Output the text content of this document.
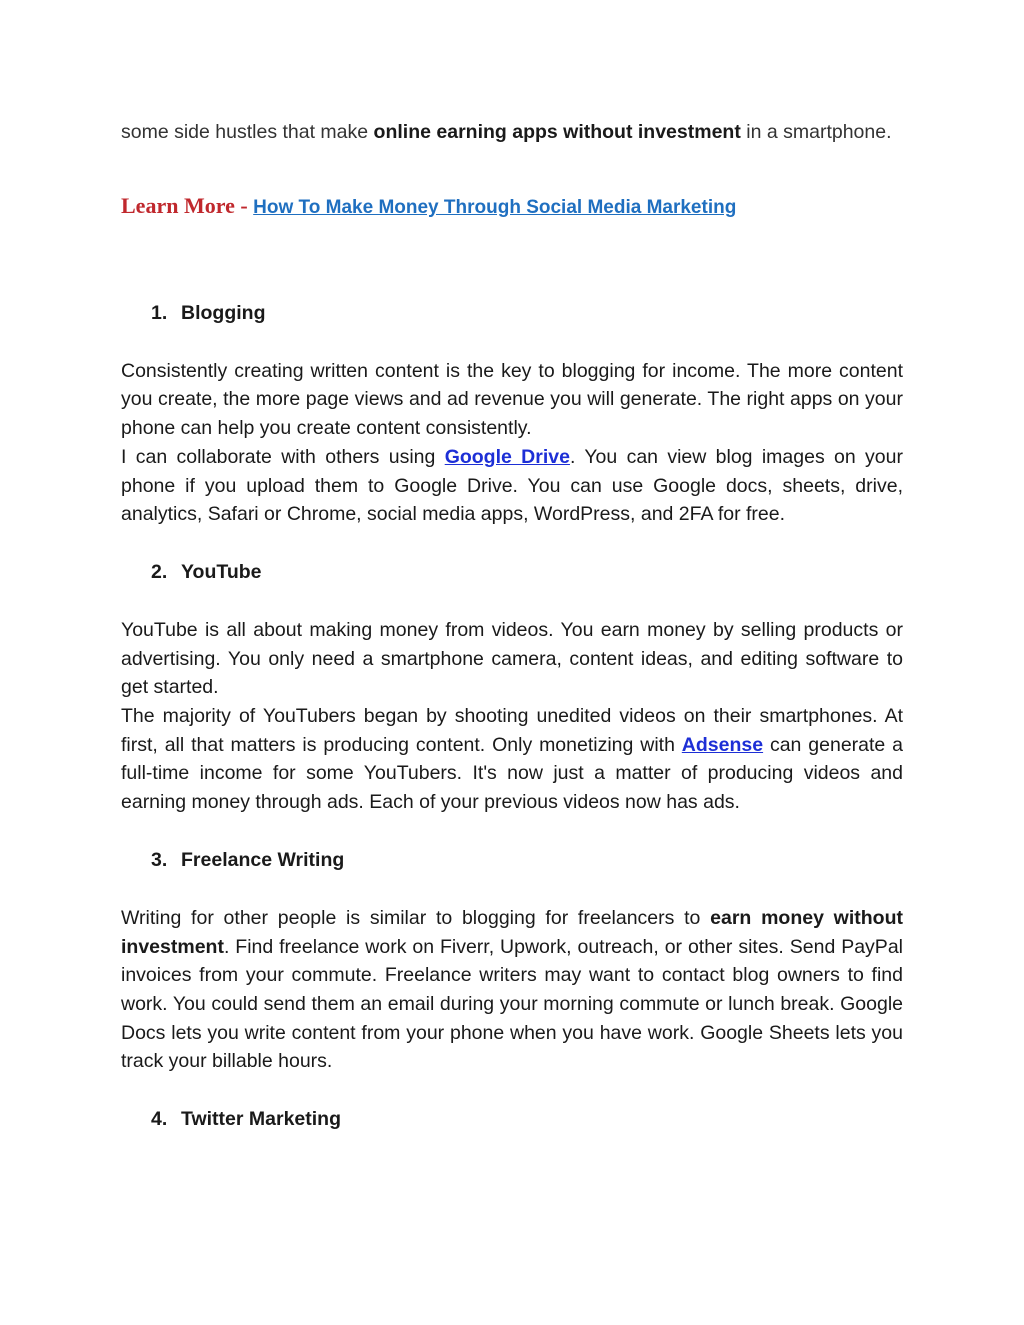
some side hustles that make online earning apps without investment in a smartphone.

Learn More - How To Make Money Through Social Media Marketing
1. Blogging

Consistently creating written content is the key to blogging for income. The more content you create, the more page views and ad revenue you will generate. The right apps on your phone can help you create content consistently.

I can collaborate with others using Google Drive. You can view blog images on your phone if you upload them to Google Drive. You can use Google docs, sheets, drive, analytics, Safari or Chrome, social media apps, WordPress, and 2FA for free.

2. YouTube

YouTube is all about making money from videos. You earn money by selling products or advertising. You only need a smartphone camera, content ideas, and editing software to get started.

The majority of YouTubers began by shooting unedited videos on their smartphones. At first, all that matters is producing content. Only monetizing with Adsense can generate a full-time income for some YouTubers. It's now just a matter of producing videos and earning money through ads. Each of your previous videos now has ads.

3. Freelance Writing

Writing for other people is similar to blogging for freelancers to earn money without investment. Find freelance work on Fiverr, Upwork, outreach, or other sites. Send PayPal invoices from your commute. Freelance writers may want to contact blog owners to find work. You could send them an email during your morning commute or lunch break. Google Docs lets you write content from your phone when you have work. Google Sheets lets you track your billable hours.

4. Twitter Marketing
